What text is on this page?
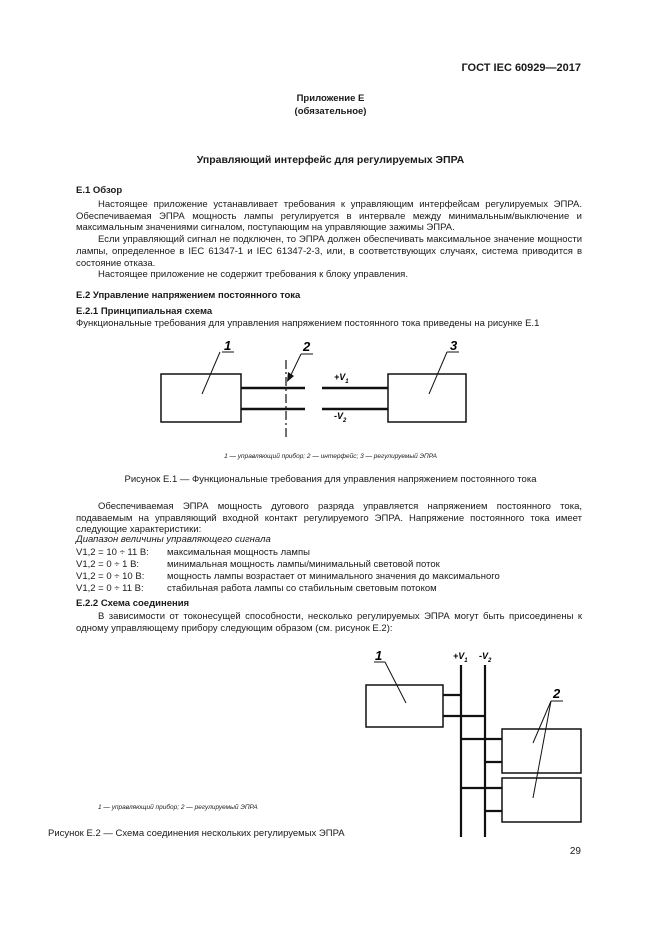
ГОСТ IEC 60929—2017
Приложение E
(обязательное)
Управляющий интерфейс для регулируемых ЭПРА
E.1 Обзор

Настоящее приложение устанавливает требования к управляющим интерфейсам регулируемых ЭПРА. Обеспечиваемая ЭПРА мощность лампы регулируется в интервале между минимальным/выключение и максимальным значениями сигналом, поступающим на управляющие зажимы ЭПРА.

Если управляющий сигнал не подключен, то ЭПРА должен обеспечивать максимальное значение мощности лампы, определенное в IEC 61347-1 и IEC 61347-2-3, или, в соответствующих случаях, система приводится в состояние отказа.

Настоящее приложение не содержит требования к блоку управления.

E.2 Управление напряжением постоянного тока
E.2.1 Принципиальная схема

Функциональные требования для управления напряжением постоянного тока приведены на рисунке E.1

1	2	3
$+V_1$
$-V_2$
1 — управляющий прибор; 2 — интерфейс; 3 — регулируемый ЭПРА
Рисунок E.1 — Функциональные требования для управления напряжением постоянного тока

Обеспечиваемая ЭПРА мощность дугового разряда управляется напряжением постоянного тока, подаваемым на управляющий входной контакт регулируемого ЭПРА. Напряжение постоянного тока имеет следующие характеристики:

Диапазон величины управляющего сигнала
V1,2 = 10 ÷ 11 В: максимальная мощность лампы
V1,2 = 0 ÷ 1 В:	минимальная мощность лампы/минимальный световой поток
V1,2 = 0 ÷ 10 В: мощность лампы возрастает от минимального значения до максимального
V1,2 = 0 ÷ 11 В: стабильная работа лампы со стабильным световым потоком
E.2.2 Схема соединения

В зависимости от токонесущей способности, несколько регулируемых ЭПРА могут быть присоединены к одному управляющему прибору следующим образом (см. рисунок E.2):

1
2
$+V_1$ $-V_2$
1 — управляющий прибор; 2 — регулируемый ЭПРА
Рисунок E.2 — Схема соединения нескольких регулируемых ЭПРА
29
